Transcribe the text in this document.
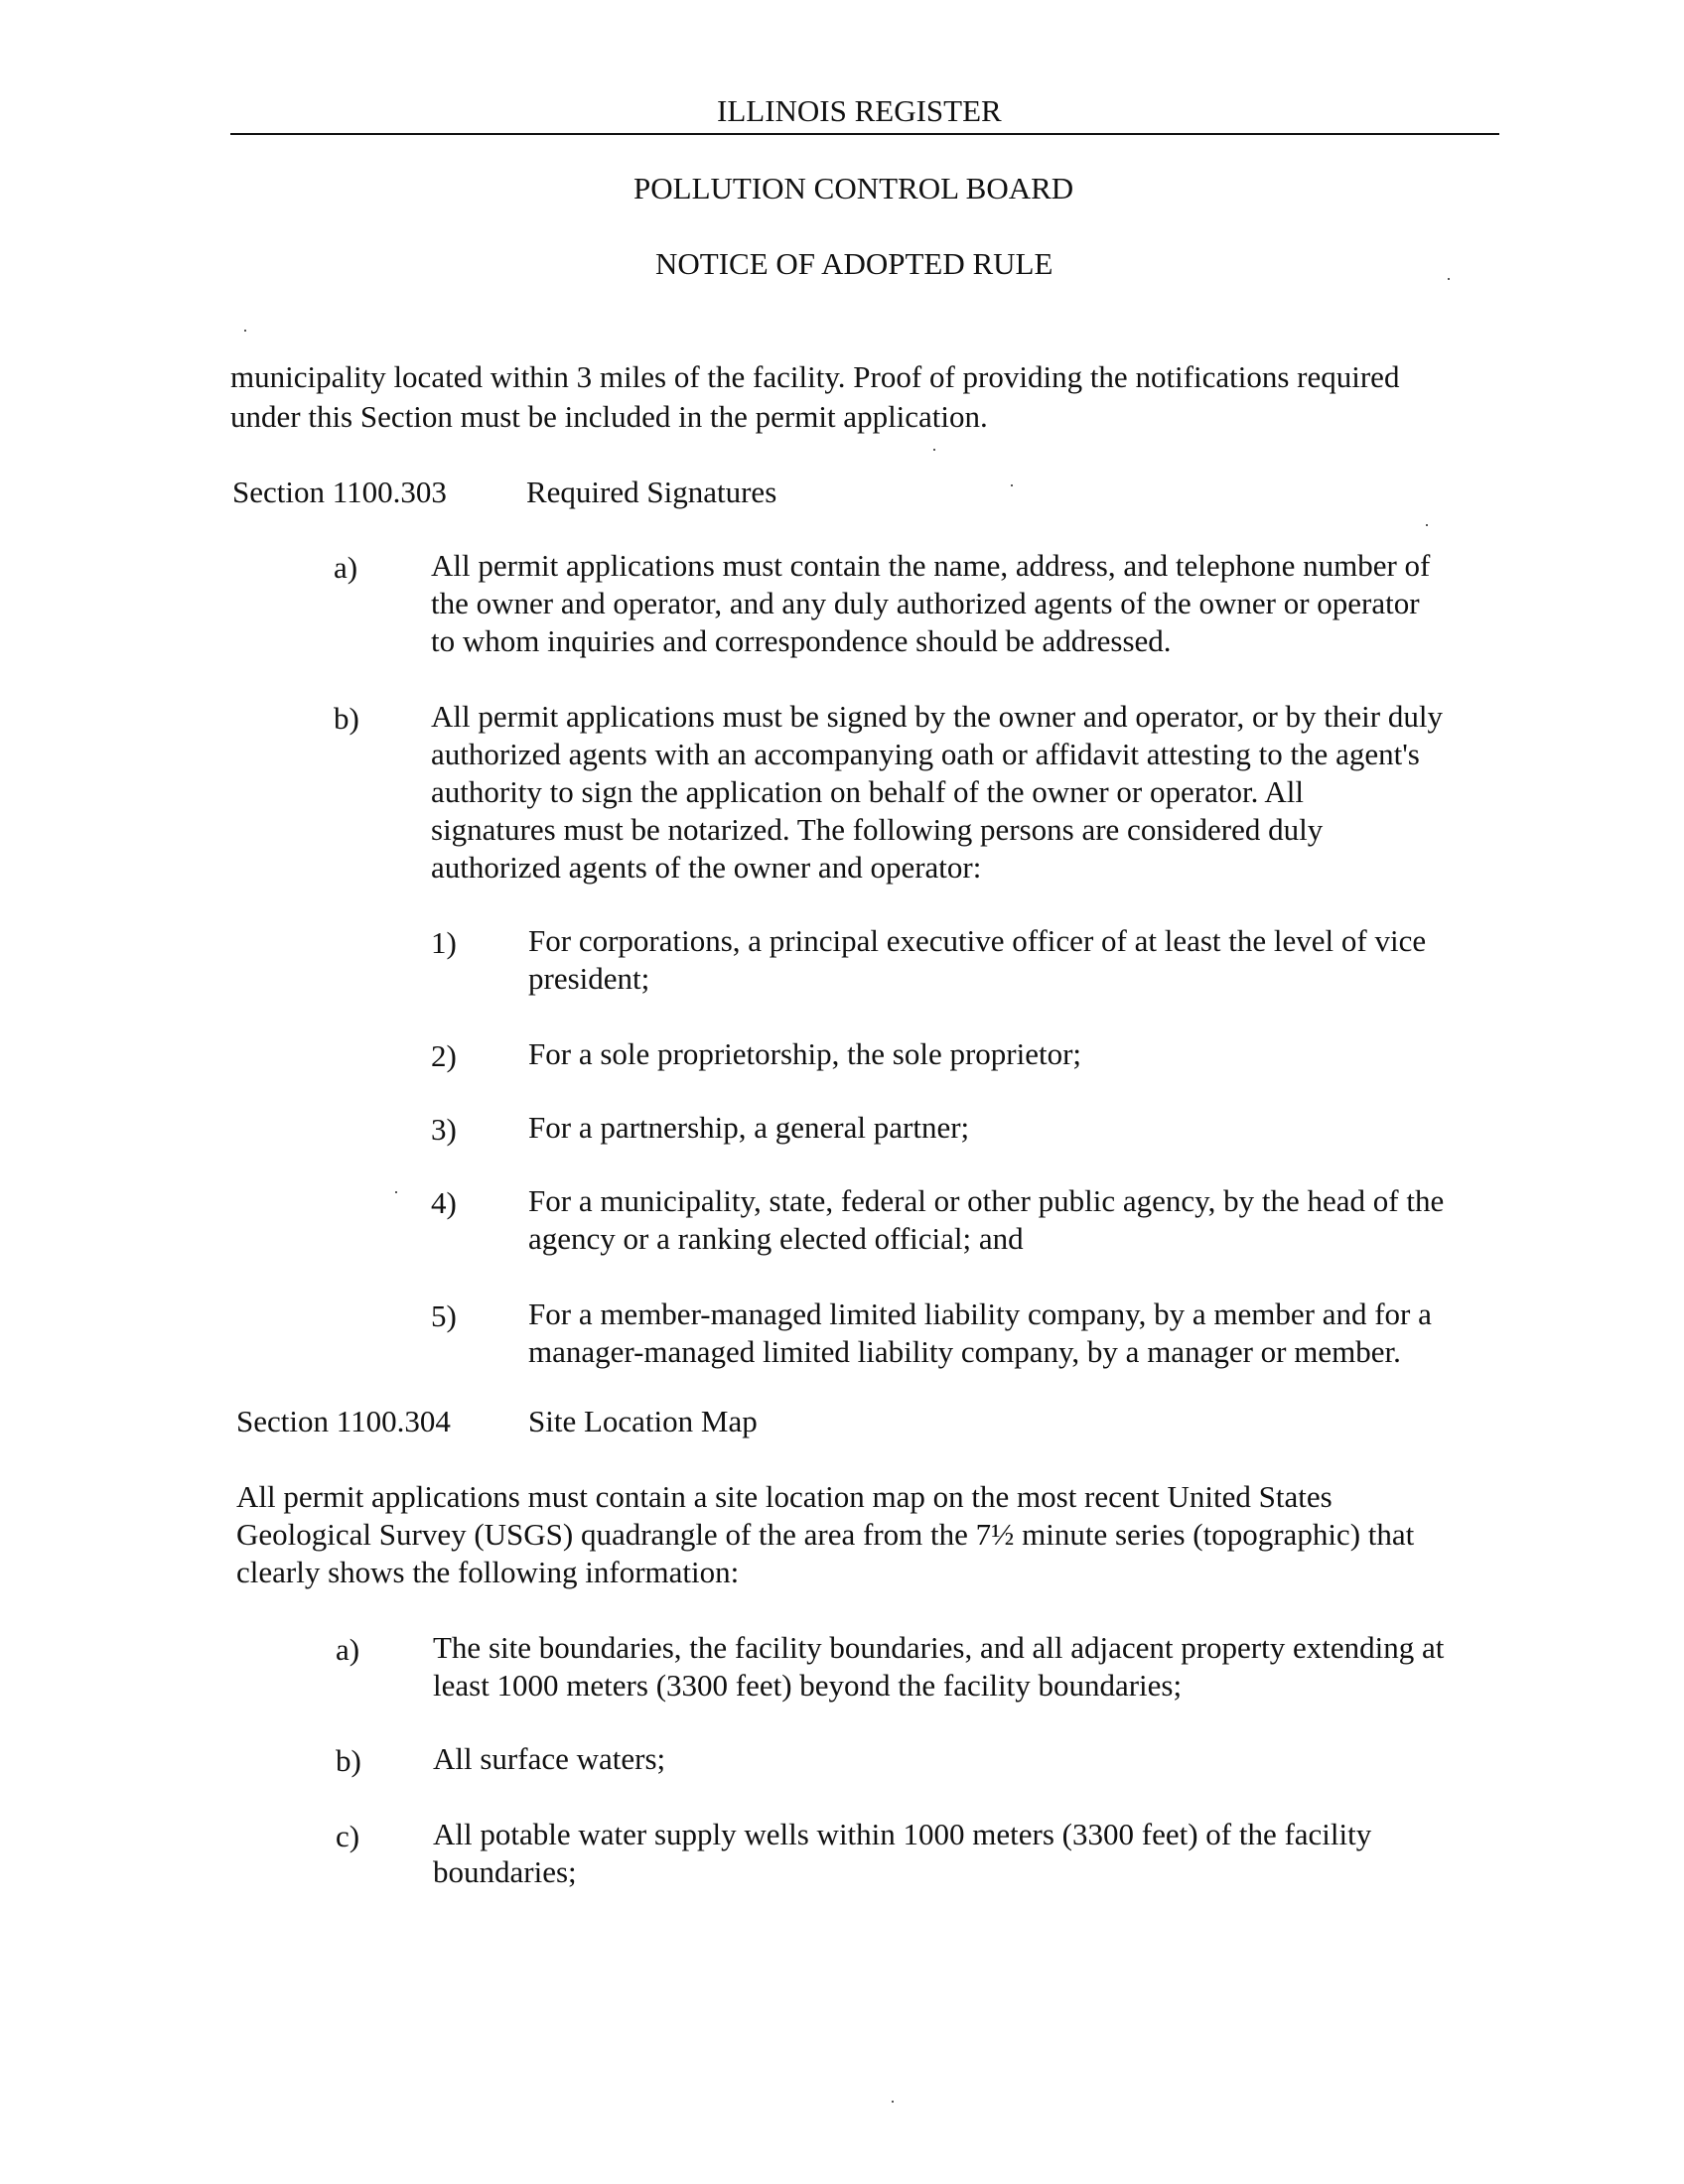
ILLINOIS REGISTER
POLLUTION CONTROL BOARD
NOTICE OF ADOPTED RULE
municipality located within 3 miles of the facility. Proof of providing the notifications required
under this Section must be included in the permit application.
Section 1100.303	Required Signatures
a) All permit applications must contain the name, address, and telephone number of
the owner and operator, and any duly authorized agents of the owner or operator
to whom inquiries and correspondence should be addressed.
b) All permit applications must be signed by the owner and operator, or by their duly
authorized agents with an accompanying oath or affidavit attesting to the agent's
authority to sign the application on behalf of the owner or operator. All
signatures must be notarized. The following persons are considered duly
authorized agents of the owner and operator:
1) For corporations, a principal executive officer of at least the level of vice
president;
2) For a sole proprietorship, the sole proprietor;
3) For a partnership, a general partner;
4) For a municipality, state, federal or other public agency, by the head of the
agency or a ranking elected official; and
5) For a member-managed limited liability company, by a member and for a
manager-managed limited liability company, by a manager or member.
Section 1100.304	Site Location Map
All permit applications must contain a site location map on the most recent United States
Geological Survey (USGS) quadrangle of the area from the 7½ minute series (topographic) that
clearly shows the following information:
a) The site boundaries, the facility boundaries, and all adjacent property extending at
least 1000 meters (3300 feet) beyond the facility boundaries;
b) All surface waters;
c) All potable water supply wells within 1000 meters (3300 feet) of the facility
boundaries;
